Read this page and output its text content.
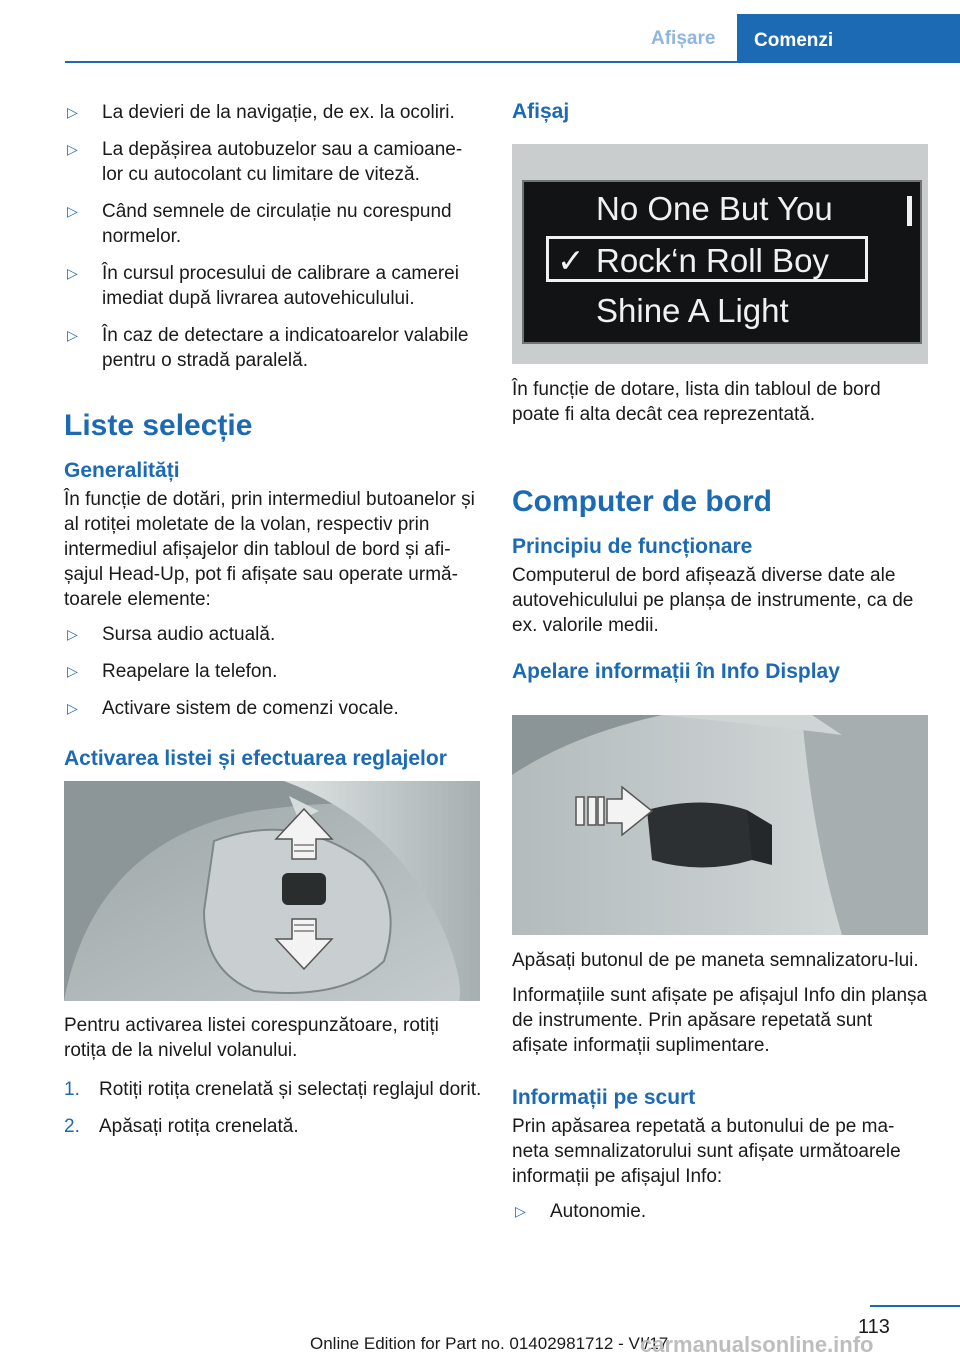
Afișare	Comenzi
▷	La devieri de la navigație, de ex. la ocoliri.
▷	La depășirea autobuzelor sau a camioane-lor cu autocolant cu limitare de viteză.
▷	Când semnele de circulație nu corespund normelor.
▷	În cursul procesului de calibrare a camerei imediat după livrarea autovehiculului.
▷	În caz de detectare a indicatoarelor valabile pentru o stradă paralelă.
Liste selecție
Generalități

În funcție de dotări, prin intermediul butoanelor și al rotiței moletate de la volan, respectiv prin intermediul afișajelor din tabloul de bord și afi-șajul Head-Up, pot fi afișate sau operate urmă-toarele elemente:

▷	Sursa audio actuală.
▷	Reapelare la telefon.
▷	Activare sistem de comenzi vocale.
Activarea listei și efectuarea reglajelor

Pentru activarea listei corespunzătoare, rotiți rotița de la nivelul volanului.

1.	Rotiți rotița crenelată și selectați reglajul dorit.
2.	Apăsați rotița crenelată.
Afișaj
No One But You
✓ Rock‘n Roll Boy
Shine A Light

În funcție de dotare, lista din tabloul de bord poate fi alta decât cea reprezentată.

Computer de bord
Principiu de funcționare

Computerul de bord afișează diverse date ale autovehiculului pe planșa de instrumente, ca de ex. valorile medii.

Apelare informații în Info Display

Apăsați butonul de pe maneta semnalizatoru-lui.

Informațiile sunt afișate pe afișajul Info din planșa de instrumente. Prin apăsare repetată sunt afișate informații suplimentare.

Informații pe scurt

Prin apăsarea repetată a butonului de pe ma-neta semnalizatorului sunt afișate următoarele informații pe afișajul Info:

▷	Autonomie.
113
Online Edition for Part no. 01402981712 - VI/17
carmanualsonline.info
